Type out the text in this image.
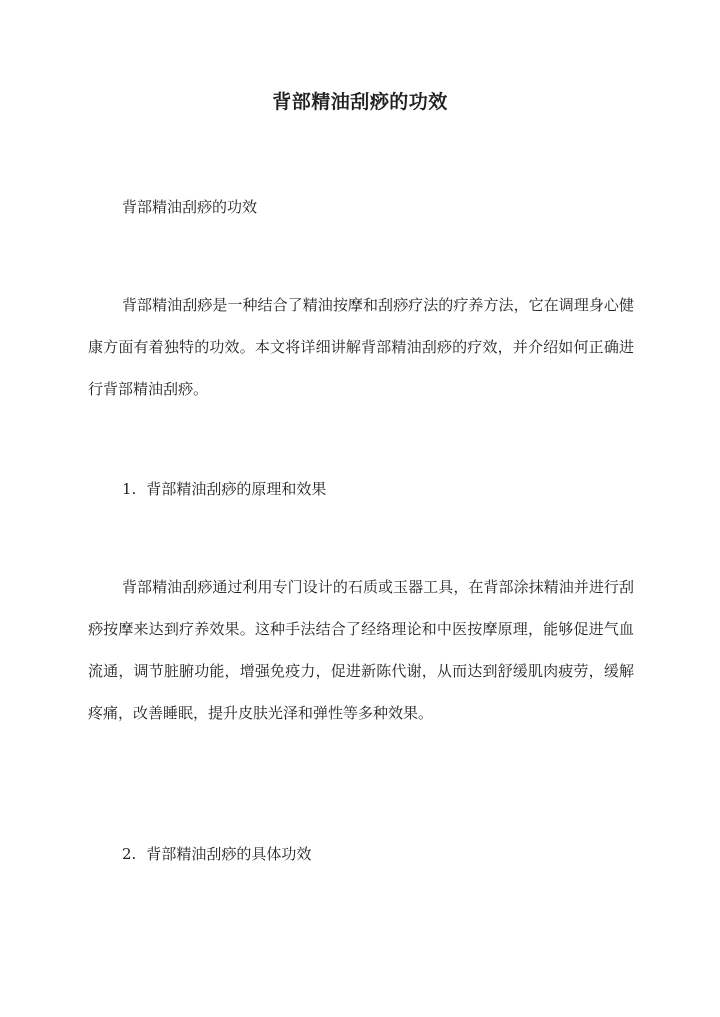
背部精油刮痧的功效
背部精油刮痧的功效

背部精油刮痧是一种结合了精油按摩和刮痧疗法的疗养方法，它在调理身心健康方面有着独特的功效。本文将详细讲解背部精油刮痧的疗效，并介绍如何正确进行背部精油刮痧。

1. 背部精油刮痧的原理和效果

背部精油刮痧通过利用专门设计的石质或玉器工具，在背部涂抹精油并进行刮痧按摩来达到疗养效果。这种手法结合了经络理论和中医按摩原理，能够促进气血流通，调节脏腑功能，增强免疫力，促进新陈代谢，从而达到舒缓肌肉疲劳，缓解疼痛，改善睡眠，提升皮肤光泽和弹性等多种效果。

2. 背部精油刮痧的具体功效
